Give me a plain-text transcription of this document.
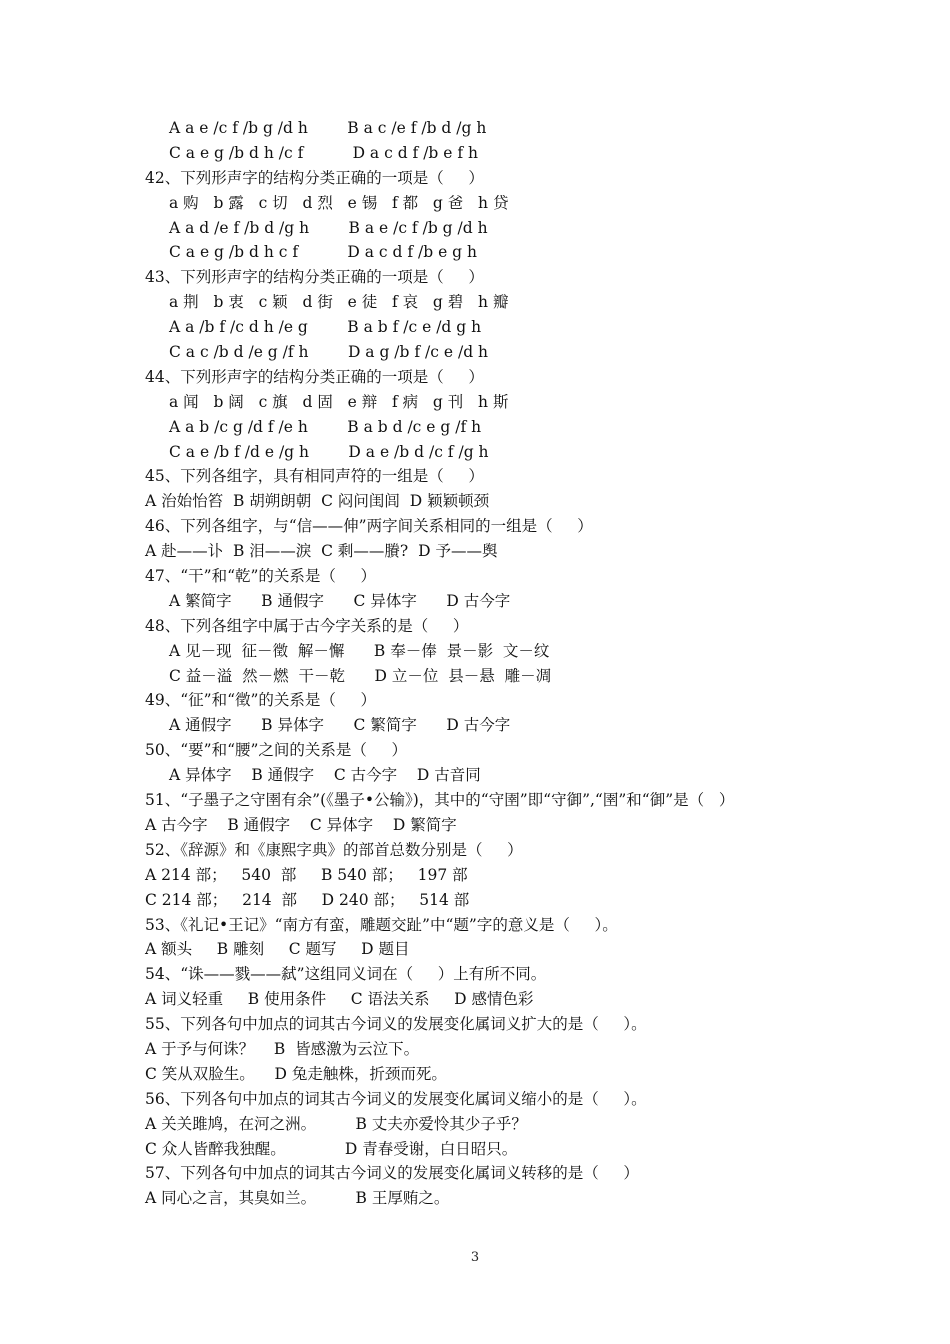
A a e /c f /b g /d h        B a c /e f /b d /g h
C a e g /b d h /c f          D a c d f /b e f h
42、下列形声字的结构分类正确的一项是（     ）
a 购   b 露   c 切   d 烈   e 锡   f 都   g 爸   h 贷
A a d /e f /b d /g h        B a e /c f /b g /d h
C a e g /b d h c f          D a c d f /b e g h
43、下列形声字的结构分类正确的一项是（     ）
a 荆   b 衷   c 颖   d 街   e 徒   f 哀   g 碧   h 瓣
A a /b f /c d h /e g        B a b f /c e /d g h
C a c /b d /e g /f h        D a g /b f /c e /d h
44、下列形声字的结构分类正确的一项是（     ）
a 闻   b 阔   c 旗   d 固   e 辩   f 病   g 刊   h 斯
A a b /c g /d f /e h        B a b d /c e g /f h
C a e /b f /d e /g h        D a e /b d /c f /g h
45、下列各组字，具有相同声符的一组是（     ）
A 治始怡笞  B 胡朔朗朝  C 闷问闺闾  D 颖颖顿颈
46、下列各组字，与“信——伸”两字间关系相同的一组是（     ）
A 赴——讣  B 泪——淚  C 剩——賸?  D 予——舆
47、“干”和“乾”的关系是（     ）
A 繁简字      B 通假字      C 异体字      D 古今字
48、下列各组字中属于古今字关系的是（     ）
A 见－现  征－徵  解－懈      B 奉－俸  景－影  文－纹
C 益－溢  然－燃  干－乾      D 立－位  县－悬  雕－凋
49、“征”和“徵”的关系是（     ）
A 通假字      B 异体字      C 繁简字      D 古今字
50、“要”和“腰”之间的关系是（     ）
A 异体字    B 通假字    C 古今字    D 古音同
51、“子墨子之守圉有余”(《墨子•公输》)，其中的“守圉”即“守御”,“圉”和“御”是（   ）
A 古今字    B 通假字    C 异体字    D 繁简字
52、《辞源》和《康熙字典》的部首总数分别是（     ）
A 214 部；   540  部     B 540 部；   197 部
C 214 部；   214  部     D 240 部；   514 部
53、《礼记•王记》“南方有蛮，雕题交趾”中“题”字的意义是（     ）。
A 额头     B 雕刻     C 题写     D 题目
54、“诛——戮——弑”这组同义词在（     ）上有所不同。
A 词义轻重     B 使用条件     C 语法关系     D 感情色彩
55、下列各句中加点的词其古今词义的发展变化属词义扩大的是（     ）。
A 于予与何诛？    B  皆感激为云泣下。
C 笑从双脸生。    D 兔走触株，折颈而死。
56、下列各句中加点的词其古今词义的发展变化属词义缩小的是（     ）。
A 关关雎鸠，在河之洲。        B 丈夫亦爱怜其少子乎？
C 众人皆醉我独醒。            D 青春受谢，白日昭只。
57、下列各句中加点的词其古今词义的发展变化属词义转移的是（     ）
A 同心之言，其臭如兰。        B 王厚贿之。
3
